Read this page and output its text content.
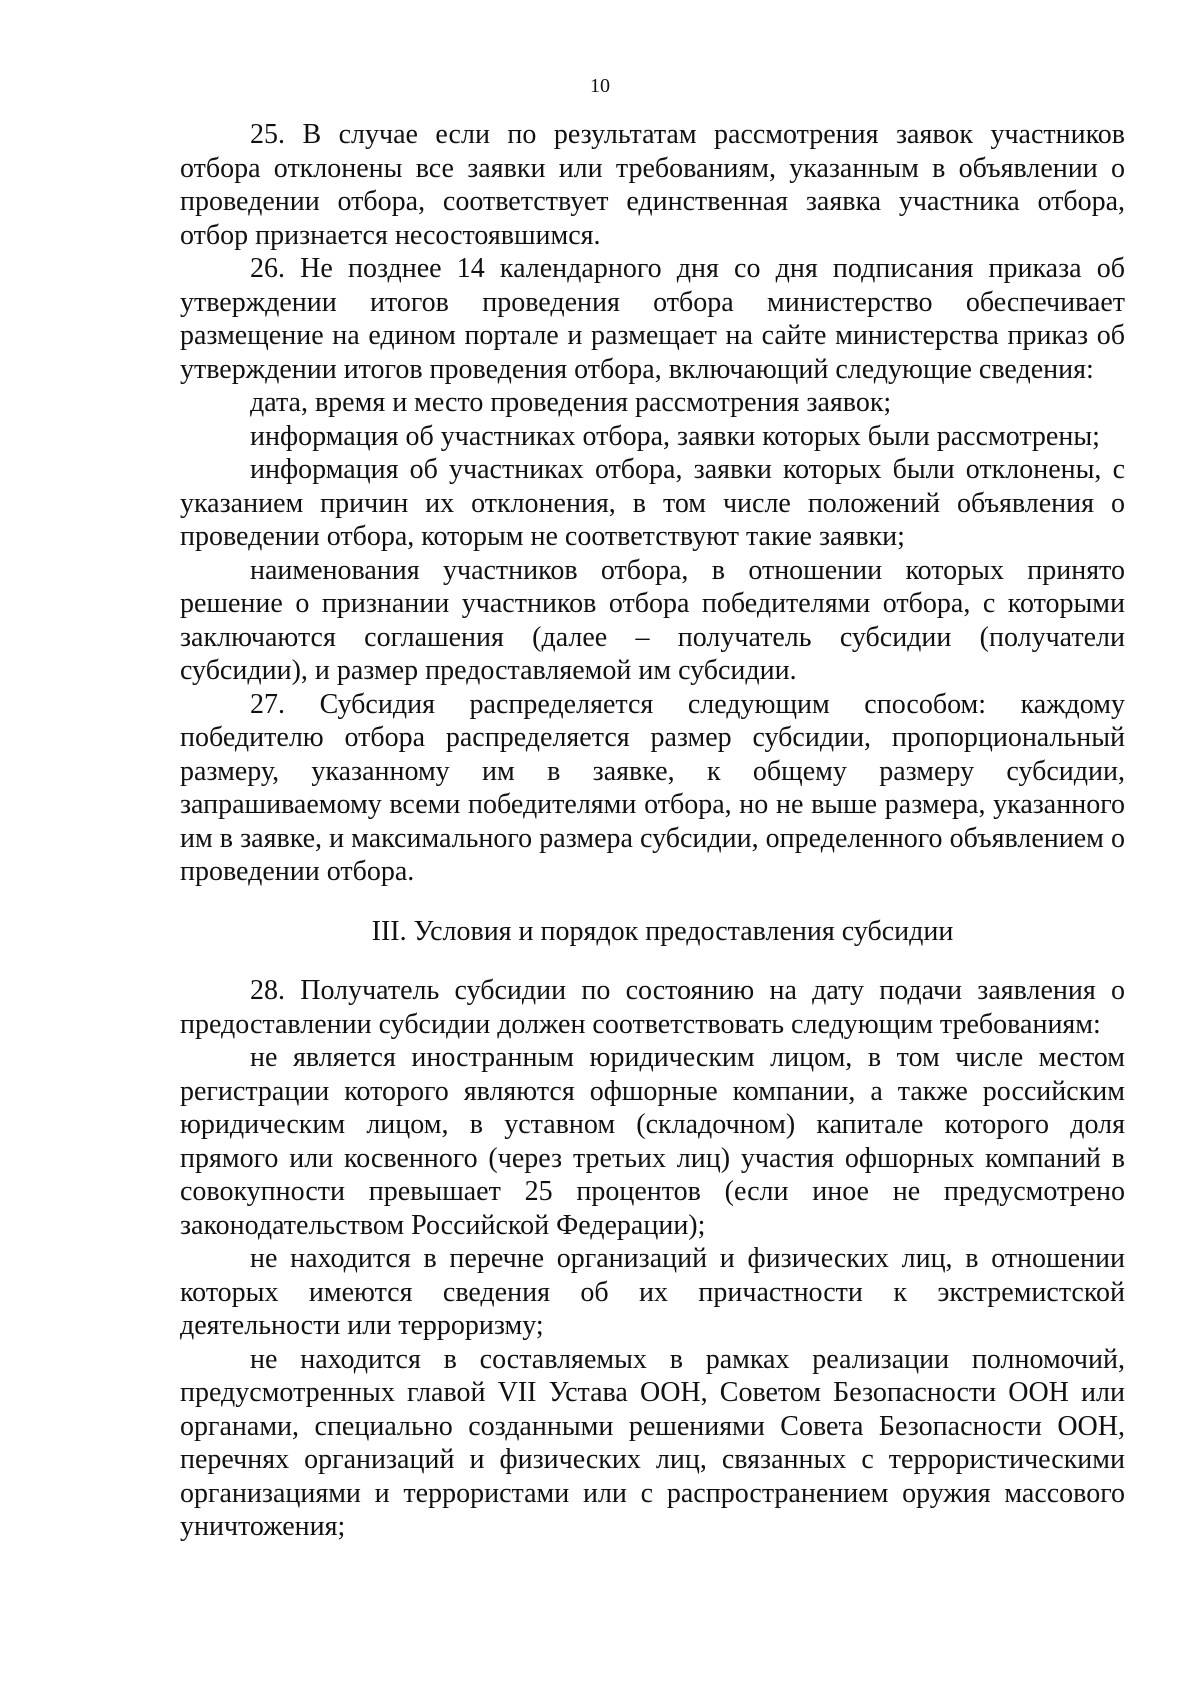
10

25. В случае если по результатам рассмотрения заявок участников отбора отклонены все заявки или требованиям, указанным в объявлении о проведении отбора, соответствует единственная заявка участника отбора, отбор признается несостоявшимся.

26. Не позднее 14 календарного дня со дня подписания приказа об утверждении итогов проведения отбора министерство обеспечивает размещение на едином портале и размещает на сайте министерства приказ об утверждении итогов проведения отбора, включающий следующие сведения:

дата, время и место проведения рассмотрения заявок;

информация об участниках отбора, заявки которых были рассмотрены;

информация об участниках отбора, заявки которых были отклонены, с указанием причин их отклонения, в том числе положений объявления о проведении отбора, которым не соответствуют такие заявки;

наименования участников отбора, в отношении которых принято решение о признании участников отбора победителями отбора, с которыми заключаются соглашения (далее – получатель субсидии (получатели субсидии), и размер предоставляемой им субсидии.

27. Субсидия распределяется следующим способом: каждому победителю отбора распределяется размер субсидии, пропорциональный размеру, указанному им в заявке, к общему размеру субсидии, запрашиваемому всеми победителями отбора, но не выше размера, указанного им в заявке, и максимального размера субсидии, определенного объявлением о проведении отбора.

III. Условия и порядок предоставления субсидии

28. Получатель субсидии по состоянию на дату подачи заявления о предоставлении субсидии должен соответствовать следующим требованиям:

не является иностранным юридическим лицом, в том числе местом регистрации которого являются офшорные компании, а также российским юридическим лицом, в уставном (складочном) капитале которого доля прямого или косвенного (через третьих лиц) участия офшорных компаний в совокупности превышает 25 процентов (если иное не предусмотрено законодательством Российской Федерации);

не находится в перечне организаций и физических лиц, в отношении которых имеются сведения об их причастности к экстремистской деятельности или терроризму;

не находится в составляемых в рамках реализации полномочий, предусмотренных главой VII Устава ООН, Советом Безопасности ООН или органами, специально созданными решениями Совета Безопасности ООН, перечнях организаций и физических лиц, связанных с террористическими организациями и террористами или с распространением оружия массового уничтожения;
